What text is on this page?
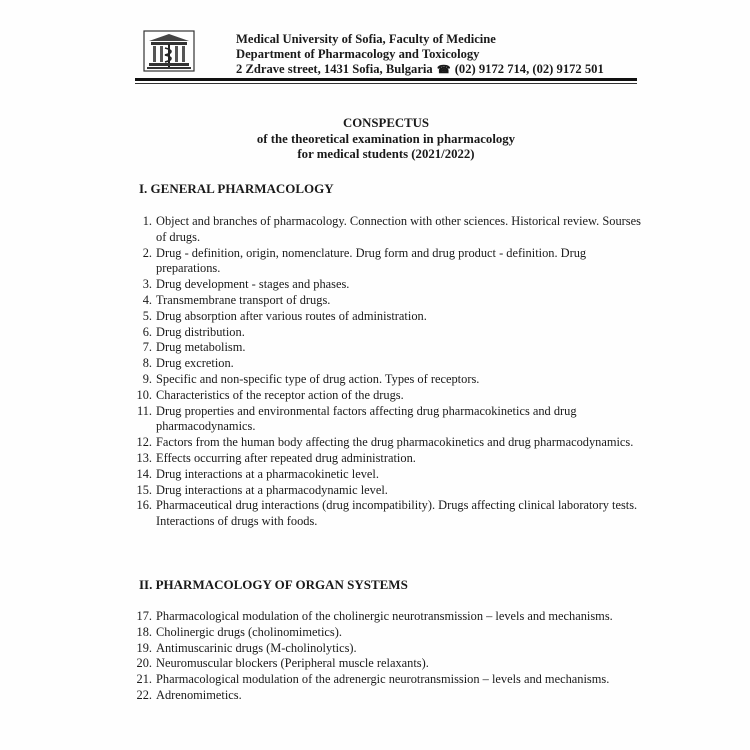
Medical University of Sofia, Faculty of Medicine
Department of Pharmacology and Toxicology
2 Zdrave street, 1431 Sofia, Bulgaria ☎ (02) 9172 714, (02) 9172 501
CONSPECTUS
of the theoretical examination in pharmacology
for medical students (2021/2022)
I. GENERAL PHARMACOLOGY
1. Object and branches of pharmacology. Connection with other sciences. Historical review. Sourses of drugs.
2. Drug - definition, origin, nomenclature. Drug form and drug product - definition. Drug preparations.
3. Drug development - stages and phases.
4. Transmembrane transport of drugs.
5. Drug absorption after various routes of administration.
6. Drug distribution.
7. Drug metabolism.
8. Drug excretion.
9. Specific and non-specific type of drug action. Types of receptors.
10. Characteristics of the receptor action of the drugs.
11. Drug properties and environmental factors affecting drug pharmacokinetics and drug pharmacodynamics.
12. Factors from the human body affecting the drug pharmacokinetics and drug pharmacodynamics.
13. Effects occurring after repeated drug administration.
14. Drug interactions at a pharmacokinetic level.
15. Drug interactions at a pharmacodynamic level.
16. Pharmaceutical drug interactions (drug incompatibility). Drugs affecting clinical laboratory tests. Interactions of drugs with foods.
II. PHARMACOLOGY OF ORGAN SYSTEMS
17. Pharmacological modulation of the cholinergic neurotransmission – levels and mechanisms.
18. Cholinergic drugs (cholinomimetics).
19. Antimuscarinic drugs (M-cholinolytics).
20. Neuromuscular blockers (Peripheral muscle relaxants).
21. Pharmacological modulation of the adrenergic neurotransmission – levels and mechanisms.
22. Adrenomimetics.
